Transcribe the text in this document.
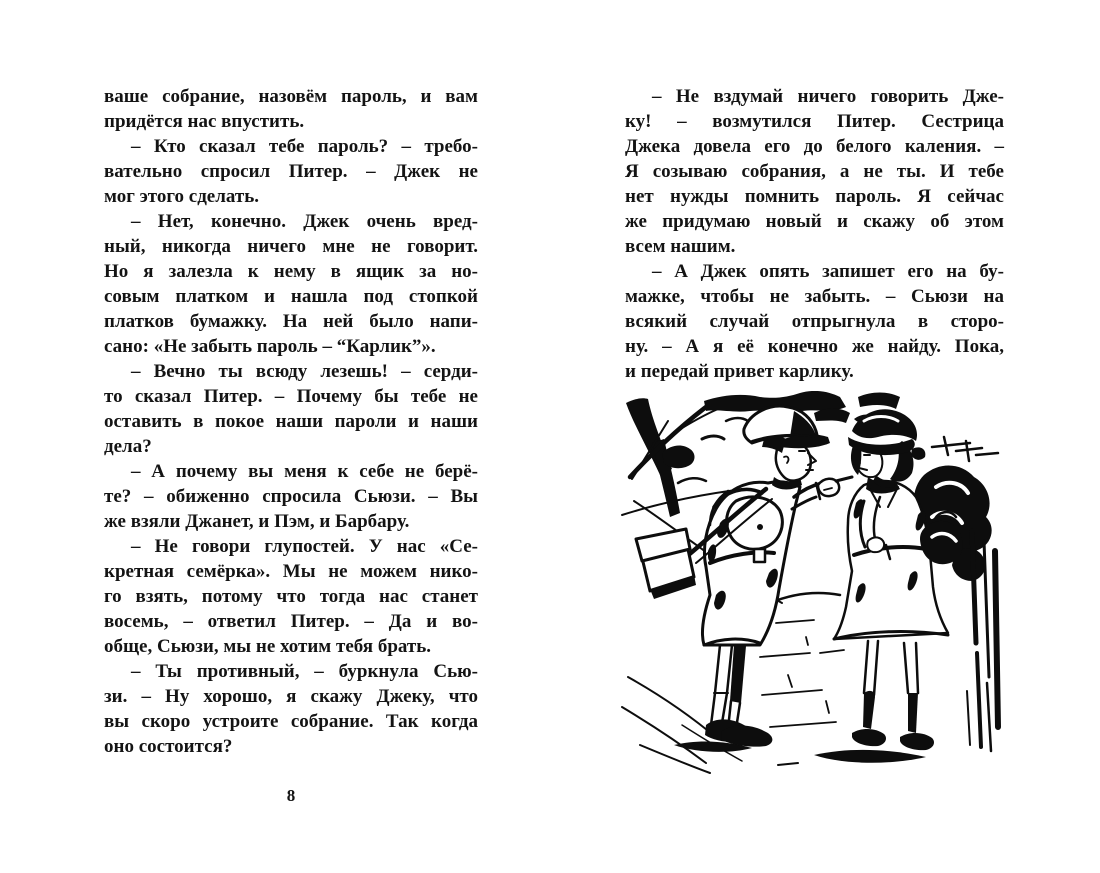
ваше собрание, назовём пароль, и вам
придётся нас впустить.
– Кто сказал тебе пароль? – требо-
вательно спросил Питер. – Джек не
мог этого сделать.
– Нет, конечно. Джек очень вред-
ный, никогда ничего мне не говорит.
Но я залезла к нему в ящик за но-
совым платком и нашла под стопкой
платков бумажку. На ней было напи-
сано: «Не забыть пароль – “Карлик”».
– Вечно ты всюду лезешь! – серди-
то сказал Питер. – Почему бы тебе не
оставить в покое наши пароли и наши
дела?
– А почему вы меня к себе не берё-
те? – обиженно спросила Сьюзи. – Вы
же взяли Джанет, и Пэм, и Барбару.
– Не говори глупостей. У нас «Се-
кретная семёрка». Мы не можем нико-
го взять, потому что тогда нас станет
восемь, – ответил Питер. – Да и во-
обще, Сьюзи, мы не хотим тебя брать.
– Ты противный, – буркнула Сью-
зи. – Ну хорошо, я скажу Джеку, что
вы скоро устроите собрание. Так когда
оно состоится?
– Не вздумай ничего говорить Дже-
ку! – возмутился Питер. Сестрица
Джека довела его до белого каления. –
Я созываю собрания, а не ты. И тебе
нет нужды помнить пароль. Я сейчас
же придумаю новый и скажу об этом
всем нашим.
– А Джек опять запишет его на бу-
мажке, чтобы не забыть. – Сьюзи на
всякий случай отпрыгнула в сторо-
ну. – А я её конечно же найду. Пока,
и передай привет карлику.
8
